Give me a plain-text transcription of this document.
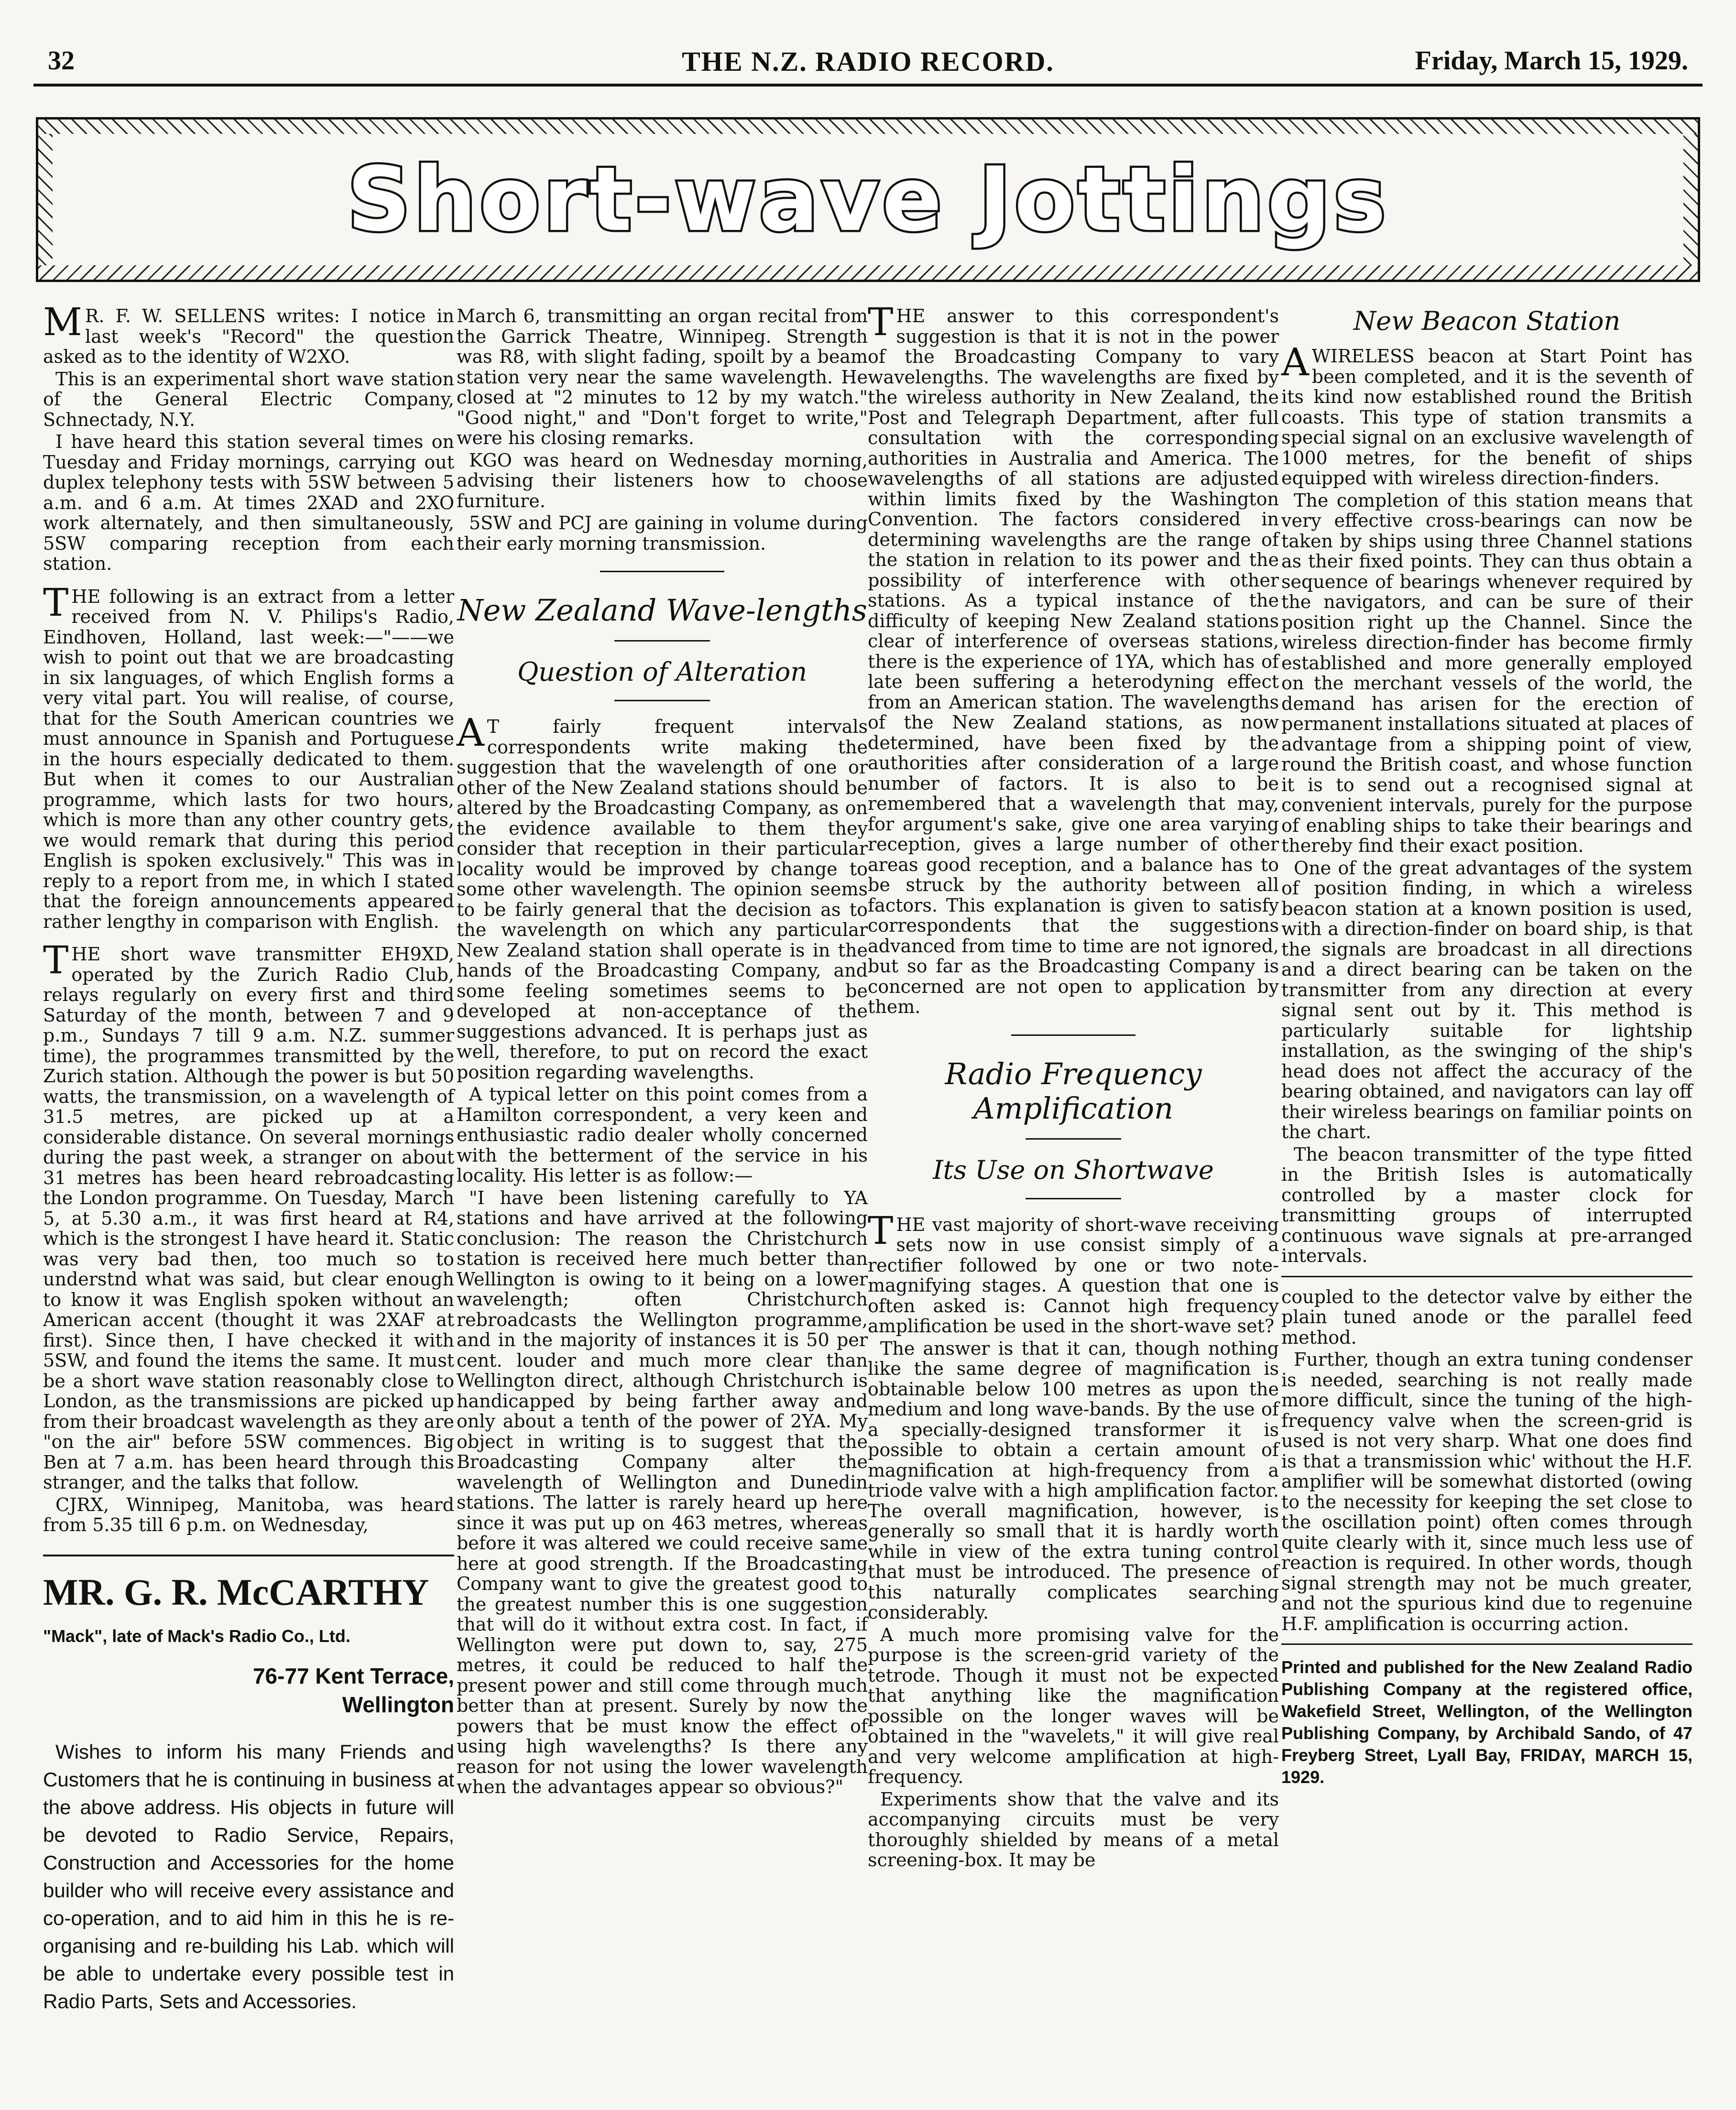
32	THE N.Z. RADIO RECORD.	Friday, March 15, 1929.
Short-wave Jottings

MR. F. W. SELLENS writes: I notice in last week's "Record" the question asked as to the identity of W2XO.

This is an experimental short wave station of the General Electric Company, Schnectady, N.Y.

I have heard this station several times on Tuesday and Friday mornings, carrying out duplex telephony tests with 5SW between 5 a.m. and 6 a.m. At times 2XAD and 2XO work alternately, and then simultaneously, 5SW comparing reception from each station.

THE following is an extract from a letter received from N. V. Philips's Radio, Eindhoven, Holland, last week:—"——we wish to point out that we are broadcasting in six languages, of which English forms a very vital part. You will realise, of course, that for the South American countries we must announce in Spanish and Portuguese in the hours especially dedicated to them. But when it comes to our Australian programme, which lasts for two hours, which is more than any other country gets, we would remark that during this period English is spoken exclusively." This was in reply to a report from me, in which I stated that the foreign announcements appeared rather lengthy in comparison with English.

THE short wave transmitter EH9XD, operated by the Zurich Radio Club, relays regularly on every first and third Saturday of the month, between 7 and 9 p.m., Sundays 7 till 9 a.m. N.Z. summer time), the programmes transmitted by the Zurich station. Although the power is but 50 watts, the transmission, on a wavelength of 31.5 metres, are picked up at a considerable distance. On several mornings during the past week, a stranger on about 31 metres has been heard rebroadcasting the London programme. On Tuesday, March 5, at 5.30 a.m., it was first heard at R4, which is the strongest I have heard it. Static was very bad then, too much so to understnd what was said, but clear enough to know it was English spoken without an American accent (thought it was 2XAF at first). Since then, I have checked it with 5SW, and found the items the same. It must be a short wave station reasonably close to London, as the transmissions are picked up from their broadcast wavelength as they are "on the air" before 5SW commences. Big Ben at 7 a.m. has been heard through this stranger, and the talks that follow.

CJRX, Winnipeg, Manitoba, was heard from 5.35 till 6 p.m. on Wednesday,

MR. G. R. McCARTHY
"Mack", late of Mack's Radio Co., Ltd.
76-77 Kent Terrace,
Wellington

Wishes to inform his many Friends and Customers that he is continuing in business at the above address. His objects in future will be devoted to Radio Service, Repairs, Construction and Accessories for the home builder who will receive every assistance and co-operation, and to aid him in this he is re-organising and re-building his Lab. which will be able to undertake every possible test in Radio Parts, Sets and Accessories.

March 6, transmitting an organ recital from the Garrick Theatre, Winnipeg. Strength was R8, with slight fading, spoilt by a beam station very near the same wavelength. He closed at "2 minutes to 12 by my watch." "Good night," and "Don't forget to write," were his closing remarks.

KGO was heard on Wednesday morning, advising their listeners how to choose furniture.

5SW and PCJ are gaining in volume during their early morning transmission.

New Zealand Wave-lengths
Question of Alteration

AT fairly frequent intervals correspondents write making the suggestion that the wavelength of one or other of the New Zealand stations should be altered by the Broadcasting Company, as on the evidence available to them they consider that reception in their particular locality would be improved by change to some other wavelength. The opinion seems to be fairly general that the decision as to the wavelength on which any particular New Zealand station shall operate is in the hands of the Broadcasting Company, and some feeling sometimes seems to be developed at non-acceptance of the suggestions advanced. It is perhaps just as well, therefore, to put on record the exact position regarding wavelengths.

A typical letter on this point comes from a Hamilton correspondent, a very keen and enthusiastic radio dealer wholly concerned with the betterment of the service in his locality. His letter is as follow:—

"I have been listening carefully to YA stations and have arrived at the following conclusion: The reason the Christchurch station is received here much better than Wellington is owing to it being on a lower wavelength; often Christchurch rebroadcasts the Wellington programme, and in the majority of instances it is 50 per cent. louder and much more clear than Wellington direct, although Christchurch is handicapped by being farther away and only about a tenth of the power of 2YA. My object in writing is to suggest that the Broadcasting Company alter the wavelength of Wellington and Dunedin stations. The latter is rarely heard up here since it was put up on 463 metres, whereas before it was altered we could receive same here at good strength. If the Broadcasting Company want to give the greatest good to the greatest number this is one suggestion that will do it without extra cost. In fact, if Wellington were put down to, say, 275 metres, it could be reduced to half the present power and still come through much better than at present. Surely by now the powers that be must know the effect of using high wavelengths? Is there any reason for not using the lower wavelength when the advantages appear so obvious?"

THE answer to this correspondent's suggestion is that it is not in the power of the Broadcasting Company to vary wavelengths. The wavelengths are fixed by the wireless authority in New Zealand, the Post and Telegraph Department, after full consultation with the corresponding authorities in Australia and America. The wavelengths of all stations are adjusted within limits fixed by the Washington Convention. The factors considered in determining wavelengths are the range of the station in relation to its power and the possibility of interference with other stations. As a typical instance of the difficulty of keeping New Zealand stations clear of interference of overseas stations, there is the experience of 1YA, which has of late been suffering a heterodyning effect from an American station. The wavelengths of the New Zealand stations, as now determined, have been fixed by the authorities after consideration of a large number of factors. It is also to be remembered that a wavelength that may, for argument's sake, give one area varying reception, gives a large number of other areas good reception, and a balance has to be struck by the authority between all factors. This explanation is given to satisfy correspondents that the suggestions advanced from time to time are not ignored, but so far as the Broadcasting Company is concerned are not open to application by them.

Radio Frequency Amplification
Its Use on Shortwave

THE vast majority of short-wave receiving sets now in use consist simply of a rectifier followed by one or two note-magnifying stages. A question that one is often asked is: Cannot high frequency amplification be used in the short-wave set?

The answer is that it can, though nothing like the same degree of magnification is obtainable below 100 metres as upon the medium and long wave-bands. By the use of a specially-designed transformer it is possible to obtain a certain amount of magnification at high-frequency from a triode valve with a high amplification factor. The overall magnification, however, is generally so small that it is hardly worth while in view of the extra tuning control that must be introduced. The presence of this naturally complicates searching considerably.

A much more promising valve for the purpose is the screen-grid variety of the tetrode. Though it must not be expected that anything like the magnification possible on the longer waves will be obtained in the "wavelets," it will give real and very welcome amplification at high-frequency.

Experiments show that the valve and its accompanying circuits must be very thoroughly shielded by means of a metal screening-box. It may be

New Beacon Station

AWIRELESS beacon at Start Point has been completed, and it is the seventh of its kind now established round the British coasts. This type of station transmits a special signal on an exclusive wavelength of 1000 metres, for the benefit of ships equipped with wireless direction-finders.

The completion of this station means that very effective cross-bearings can now be taken by ships using three Channel stations as their fixed points. They can thus obtain a sequence of bearings whenever required by the navigators, and can be sure of their position right up the Channel. Since the wireless direction-finder has become firmly established and more generally employed on the merchant vessels of the world, the demand has arisen for the erection of permanent installations situated at places of advantage from a shipping point of view, round the British coast, and whose function it is to send out a recognised signal at convenient intervals, purely for the purpose of enabling ships to take their bearings and thereby find their exact position.

One of the great advantages of the system of position finding, in which a wireless beacon station at a known position is used, with a direction-finder on board ship, is that the signals are broadcast in all directions and a direct bearing can be taken on the transmitter from any direction at every signal sent out by it. This method is particularly suitable for lightship installation, as the swinging of the ship's head does not affect the accuracy of the bearing obtained, and navigators can lay off their wireless bearings on familiar points on the chart.

The beacon transmitter of the type fitted in the British Isles is automatically controlled by a master clock for transmitting groups of interrupted continuous wave signals at pre-arranged intervals.

coupled to the detector valve by either the plain tuned anode or the parallel feed method.

Further, though an extra tuning condenser is needed, searching is not really made more difficult, since the tuning of the high-frequency valve when the screen-grid is used is not very sharp. What one does find is that a transmission whic' without the H.F. amplifier will be somewhat distorted (owing to the necessity for keeping the set close to the oscillation point) often comes through quite clearly with it, since much less use of reaction is required. In other words, though signal strength may not be much greater, and not the spurious kind due to regenuine H.F. amplification is occurring action.

Printed and published for the New Zealand Radio Publishing Company at the registered office, Wakefield Street, Wellington, of the Wellington Publishing Company, by Archibald Sando, of 47 Freyberg Street, Lyall Bay, FRIDAY, MARCH 15, 1929.
